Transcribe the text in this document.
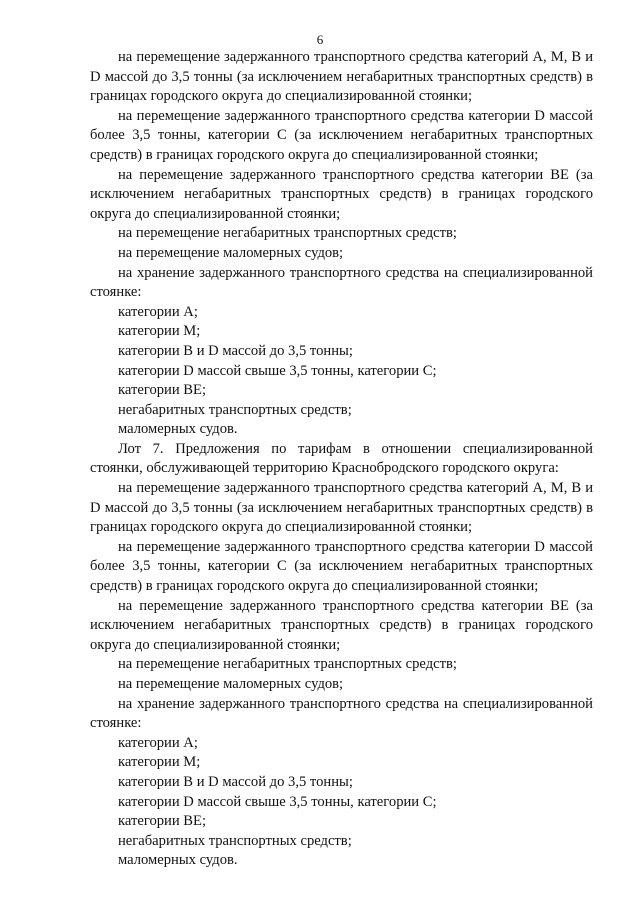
6

на перемещение задержанного транспортного средства категорий А, М, В и D массой до 3,5 тонны (за исключением негабаритных транспортных средств) в границах городского округа до специализированной стоянки;

на перемещение задержанного транспортного средства категории D массой более 3,5 тонны, категории С (за исключением негабаритных транспортных средств) в границах городского округа до специализированной стоянки;

на перемещение задержанного транспортного средства категории ВЕ (за исключением негабаритных транспортных средств) в границах городского округа до специализированной стоянки;

на перемещение негабаритных транспортных средств;

на перемещение маломерных судов;

на хранение задержанного транспортного средства на специализированной стоянке:

категории А;

категории М;

категории В и D массой до 3,5 тонны;

категории D массой свыше 3,5 тонны, категории С;

категории ВЕ;

негабаритных транспортных средств;

маломерных судов.

Лот 7. Предложения по тарифам в отношении специализированной стоянки, обслуживающей территорию Краснобродского городского округа:

на перемещение задержанного транспортного средства категорий А, М, В и D массой до 3,5 тонны (за исключением негабаритных транспортных средств) в границах городского округа до специализированной стоянки;

на перемещение задержанного транспортного средства категории D массой более 3,5 тонны, категории С (за исключением негабаритных транспортных средств) в границах городского округа до специализированной стоянки;

на перемещение задержанного транспортного средства категории ВЕ (за исключением негабаритных транспортных средств) в границах городского округа до специализированной стоянки;

на перемещение негабаритных транспортных средств;

на перемещение маломерных судов;

на хранение задержанного транспортного средства на специализированной стоянке:

категории А;

категории М;

категории В и D массой до 3,5 тонны;

категории D массой свыше 3,5 тонны, категории С;

категории ВЕ;

негабаритных транспортных средств;

маломерных судов.
